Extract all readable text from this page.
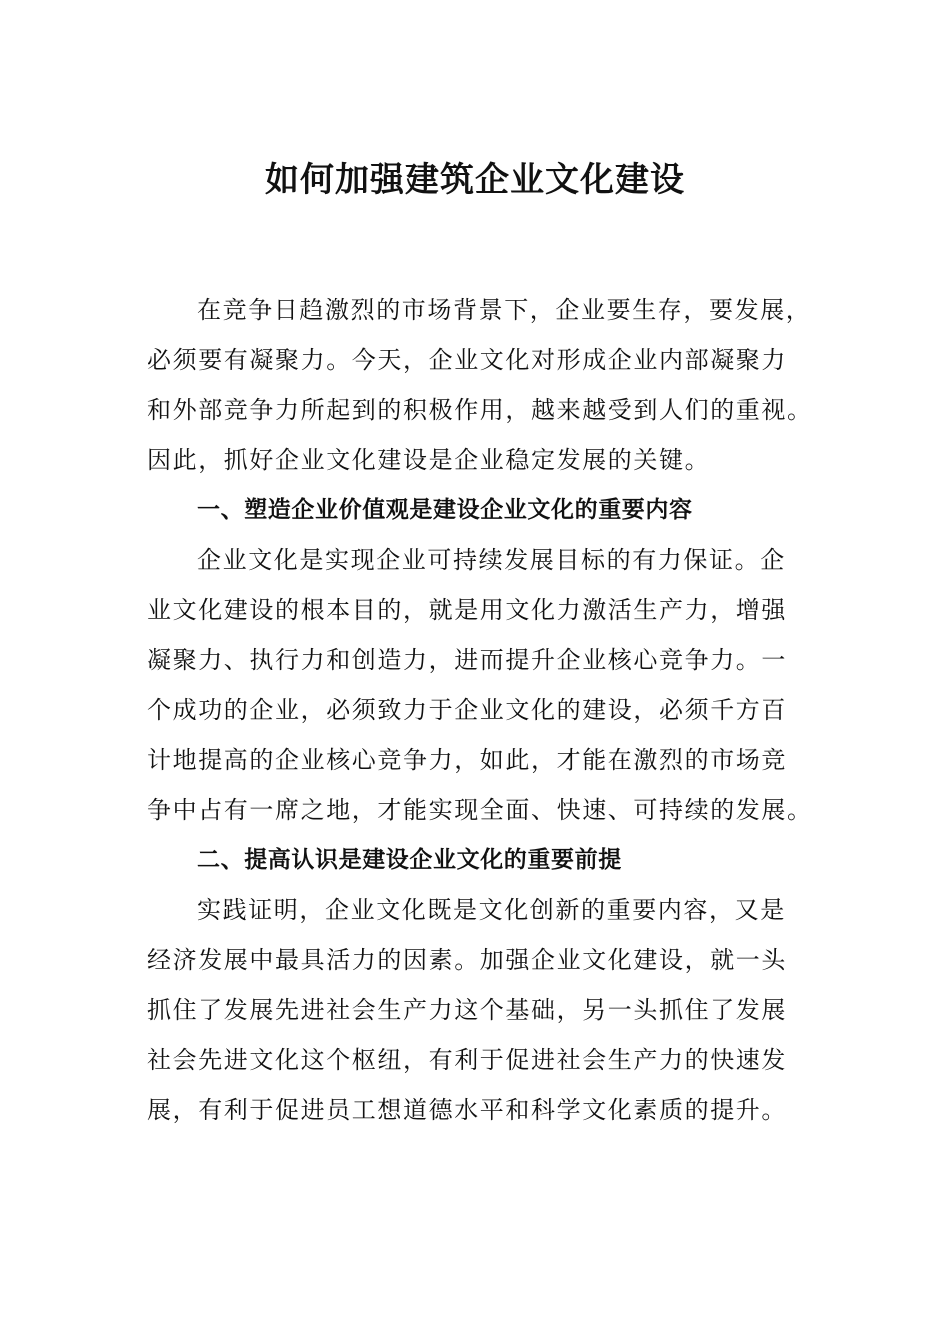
如何加强建筑企业文化建设
在竞争日趋激烈的市场背景下，企业要生存，要发展，
必须要有凝聚力。今天，企业文化对形成企业内部凝聚力
和外部竞争力所起到的积极作用，越来越受到人们的重视。
因此，抓好企业文化建设是企业稳定发展的关键。
一、塑造企业价值观是建设企业文化的重要内容
企业文化是实现企业可持续发展目标的有力保证。企
业文化建设的根本目的，就是用文化力激活生产力，增强
凝聚力、执行力和创造力，进而提升企业核心竞争力。一
个成功的企业，必须致力于企业文化的建设，必须千方百
计地提高的企业核心竞争力，如此，才能在激烈的市场竞
争中占有一席之地，才能实现全面、快速、可持续的发展。
二、提高认识是建设企业文化的重要前提
实践证明，企业文化既是文化创新的重要内容，又是
经济发展中最具活力的因素。加强企业文化建设，就一头
抓住了发展先进社会生产力这个基础，另一头抓住了发展
社会先进文化这个枢纽，有利于促进社会生产力的快速发
展，有利于促进员工想道德水平和科学文化素质的提升。
